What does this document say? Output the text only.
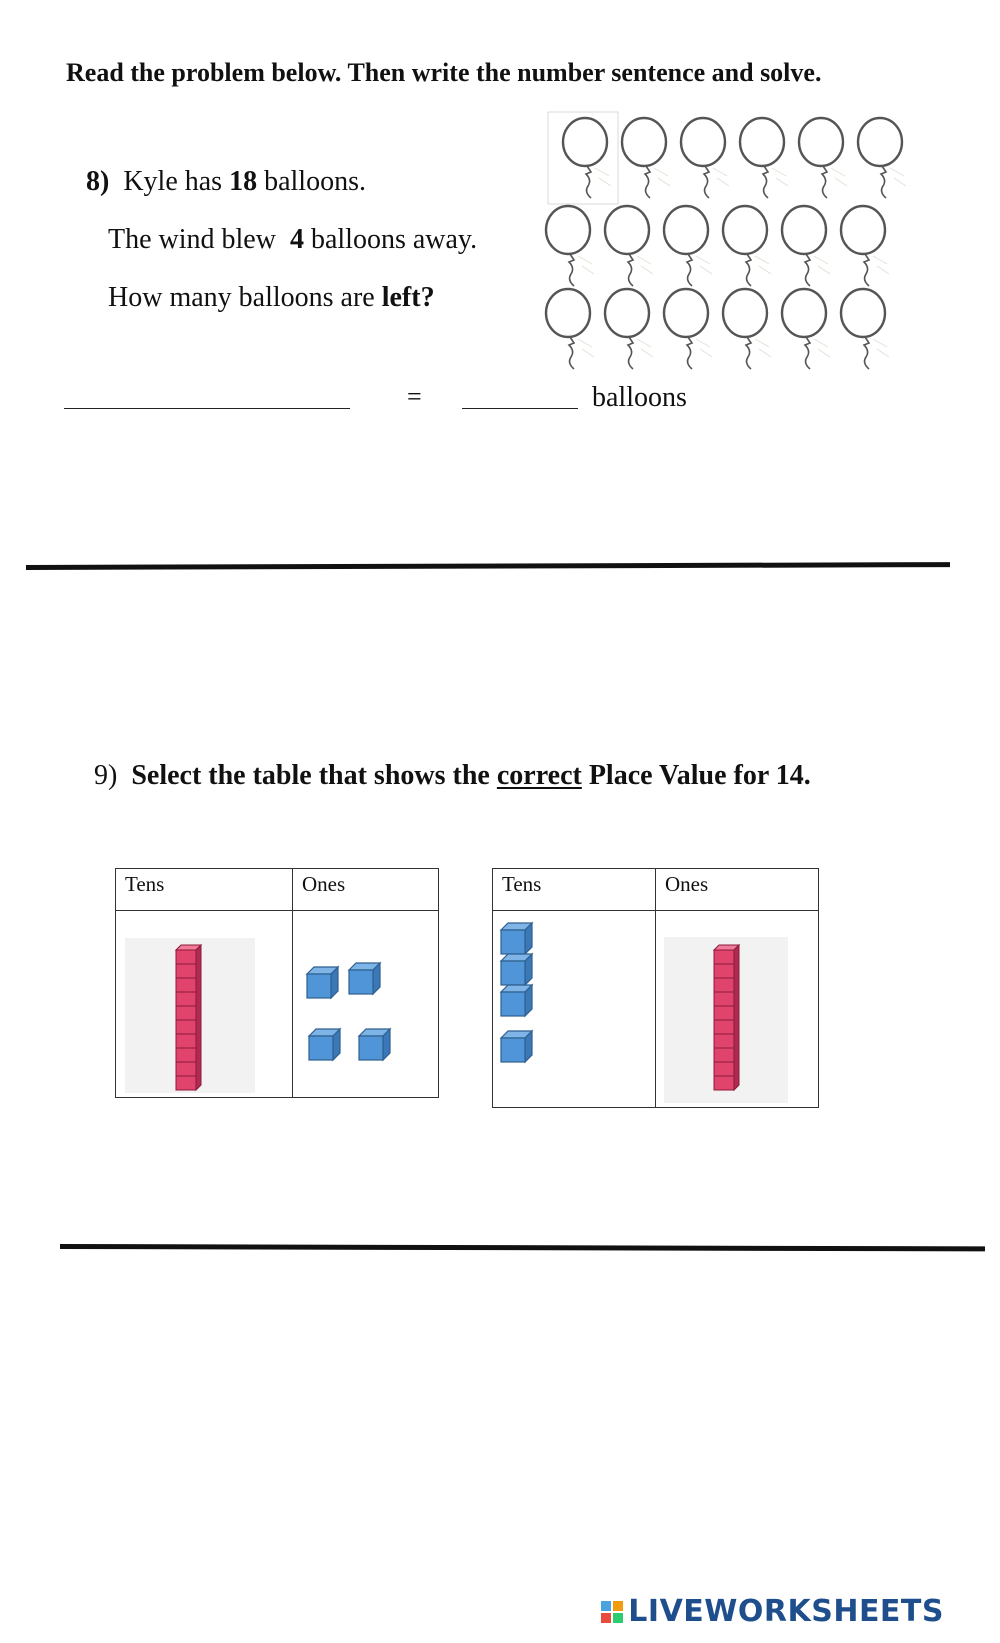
Read the problem below. Then write the number sentence and solve.
8) Kyle has 18 balloons.
The wind blew 4 balloons away.
How many balloons are left?
=	balloons
9) Select the table that shows the correct Place Value for 14.
Tens	Ones

		Tens	Ones

LIVEWORKSHEETS
